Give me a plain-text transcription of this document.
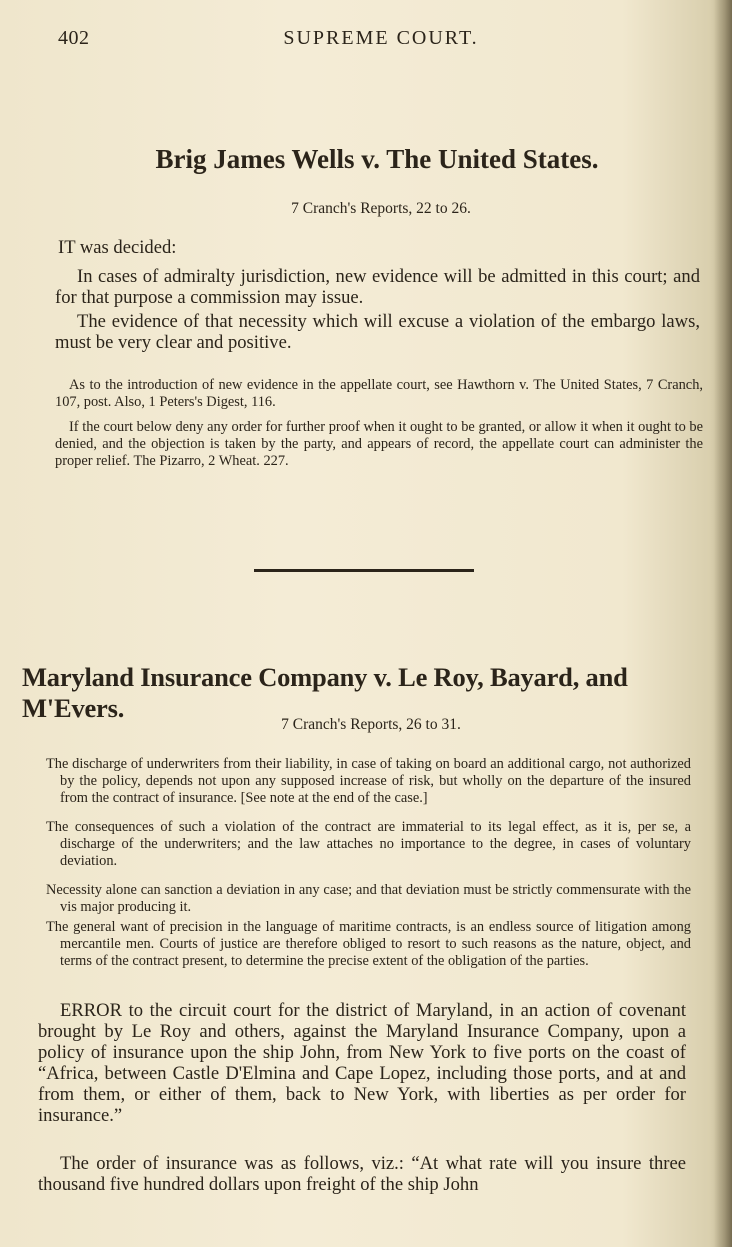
402	SUPREME COURT.
Brig James Wells v. The United States.
7 Cranch's Reports, 22 to 26.

IT was decided:

In cases of admiralty jurisdiction, new evidence will be admitted in this court; and for that purpose a commission may issue.

The evidence of that necessity which will excuse a violation of the embargo laws, must be very clear and positive.

As to the introduction of new evidence in the appellate court, see Hawthorn v. The United States, 7 Cranch, 107, post. Also, 1 Peters's Digest, 116.

If the court below deny any order for further proof when it ought to be granted, or allow it when it ought to be denied, and the objection is taken by the party, and appears of record, the appellate court can administer the proper relief. The Pizarro, 2 Wheat. 227.

Maryland Insurance Company v. Le Roy, Bayard, and M'Evers.
7 Cranch's Reports, 26 to 31.
The discharge of underwriters from their liability, in case of taking on board an additional cargo, not authorized by the policy, depends not upon any supposed increase of risk, but wholly on the departure of the insured from the contract of insurance. [See note at the end of the case.]
The consequences of such a violation of the contract are immaterial to its legal effect, as it is, per se, a discharge of the underwriters; and the law attaches no importance to the degree, in cases of voluntary deviation.
Necessity alone can sanction a deviation in any case; and that deviation must be strictly commensurate with the vis major producing it.
The general want of precision in the language of maritime contracts, is an endless source of litigation among mercantile men. Courts of justice are therefore obliged to resort to such reasons as the nature, object, and terms of the contract present, to determine the precise extent of the obligation of the parties.

ERROR to the circuit court for the district of Maryland, in an action of covenant brought by Le Roy and others, against the Maryland Insurance Company, upon a policy of insurance upon the ship John, from New York to five ports on the coast of “Africa, between Castle D'Elmina and Cape Lopez, including those ports, and at and from them, or either of them, back to New York, with liberties as per order for insurance.”

The order of insurance was as follows, viz.: “At what rate will you insure three thousand five hundred dollars upon freight of the ship John
